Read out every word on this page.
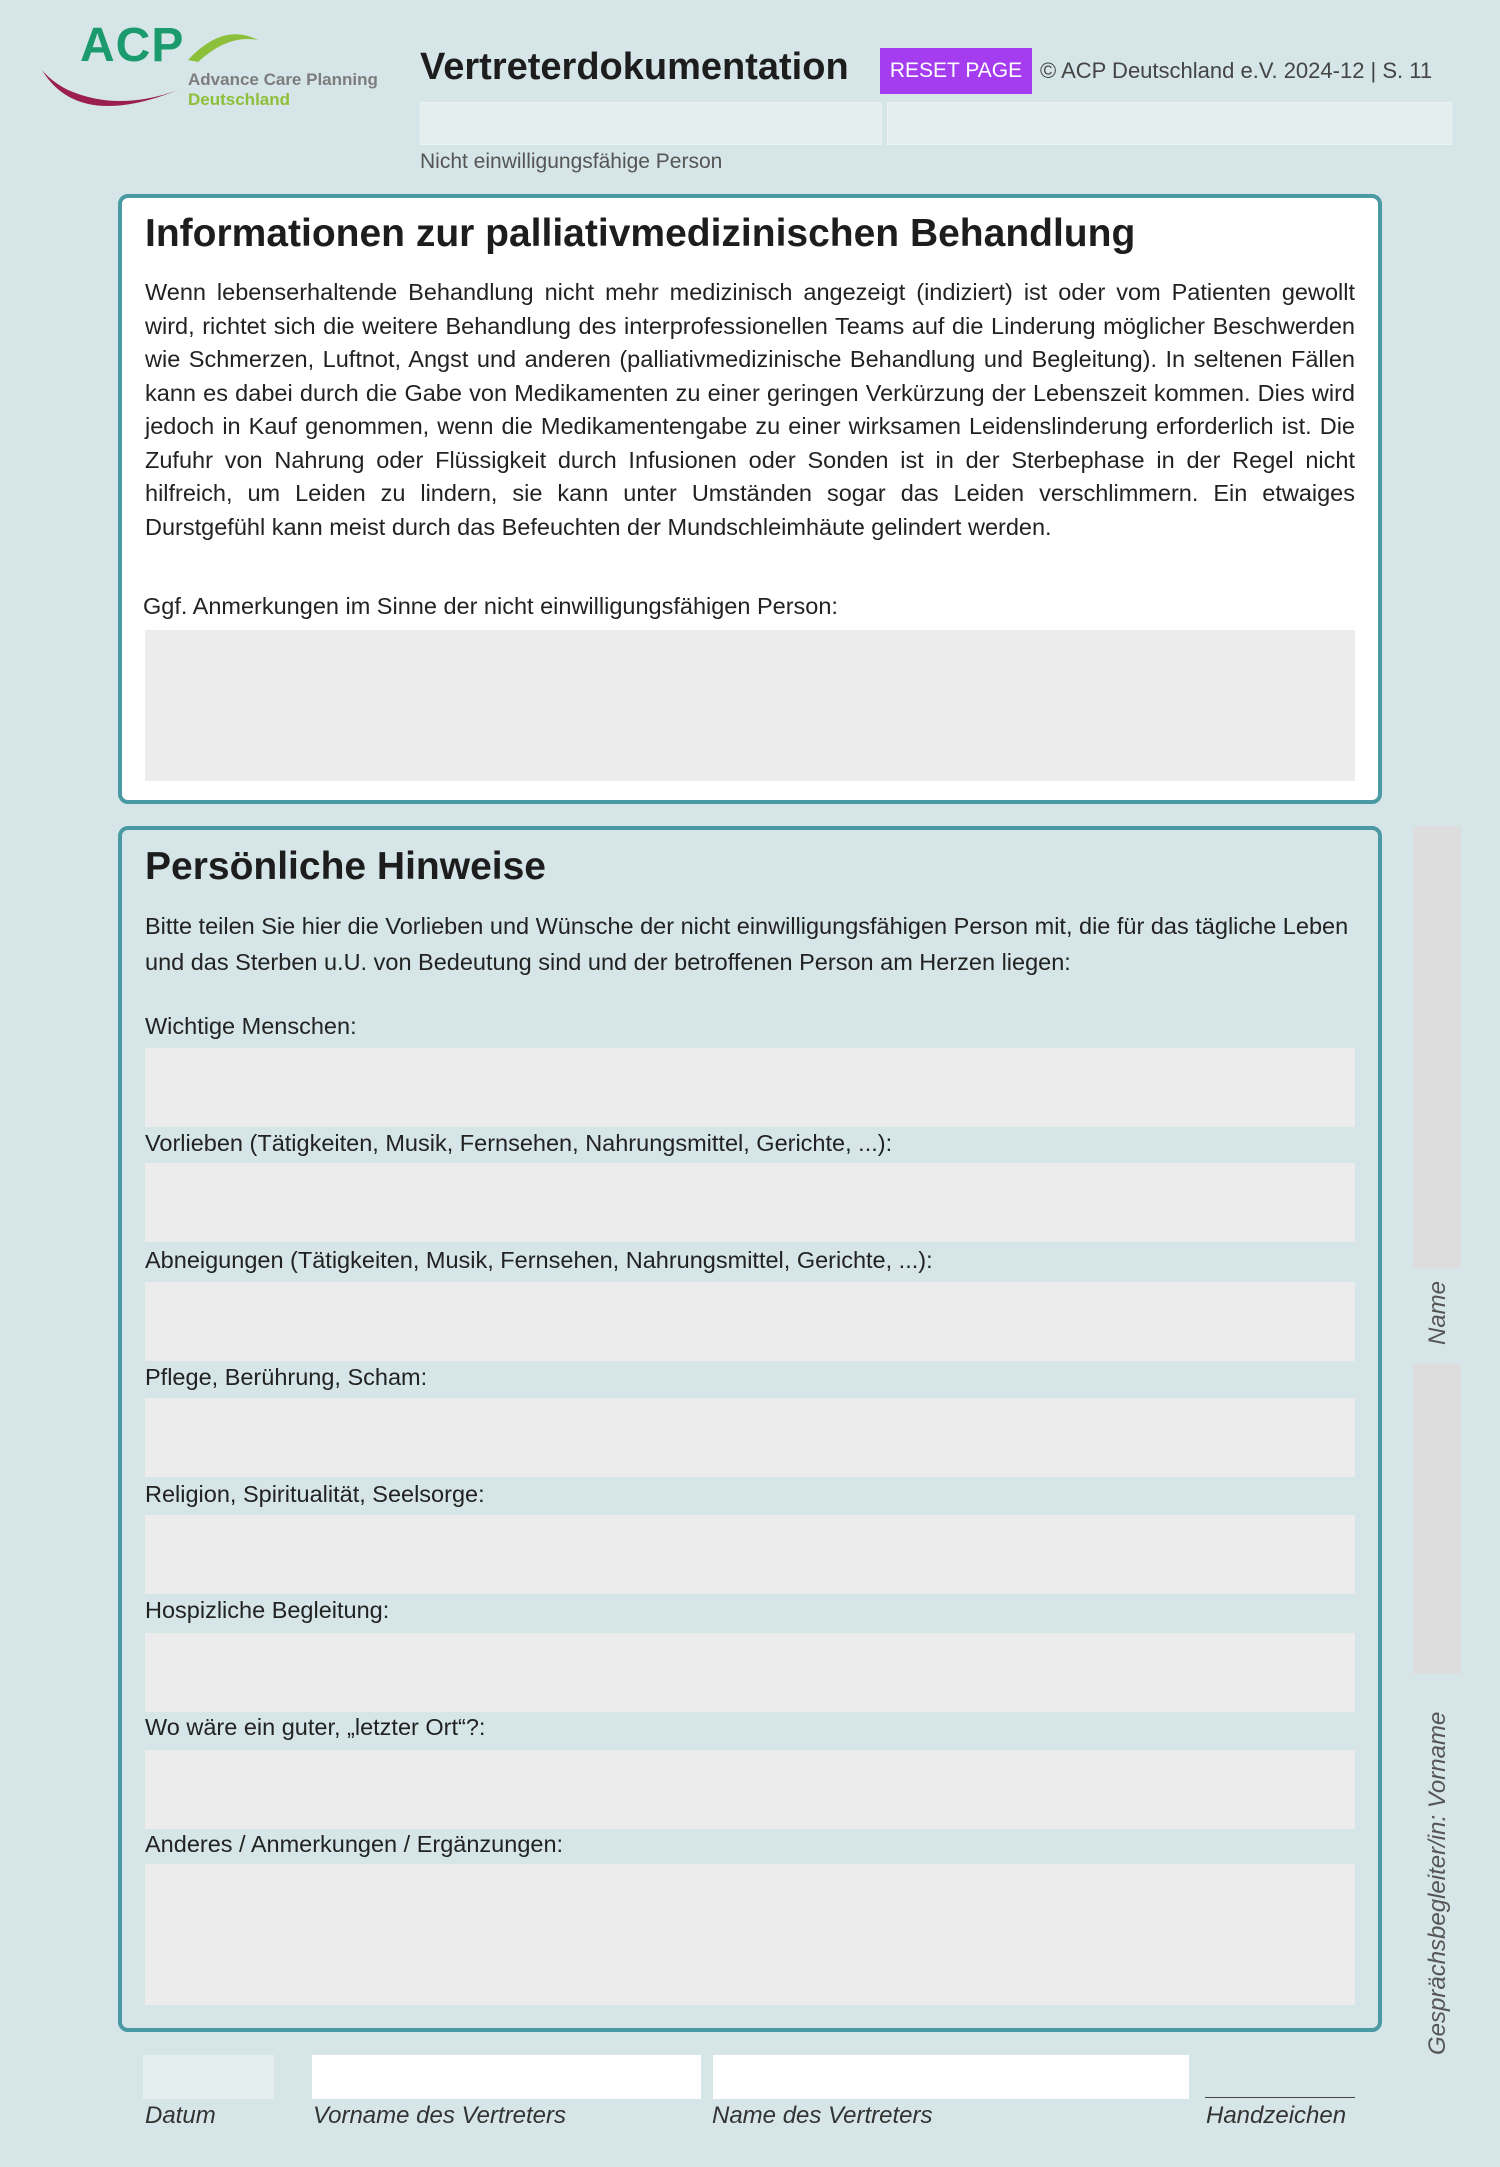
ACP
Advance Care Planning
Deutschland
Vertreterdokumentation	RESET PAGE © ACP Deutschland e.V. 2024-12 | S. 11
Nicht einwilligungsfähige Person
Informationen zur palliativmedizinischen Behandlung
Wenn lebenserhaltende Behandlung nicht mehr medizinisch angezeigt (indiziert) ist oder vom Patienten gewollt wird, richtet sich die weitere Behandlung des interprofessionellen Teams auf die Linderung möglicher Beschwerden wie Schmerzen, Luftnot, Angst und anderen (palliativmedizinische Behandlung und Begleitung). In seltenen Fällen kann es dabei durch die Gabe von Medikamenten zu einer geringen Verkürzung der Lebenszeit kommen. Dies wird jedoch in Kauf genommen, wenn die Medikamentengabe zu einer wirksamen Leidenslinderung erforderlich ist. Die Zufuhr von Nahrung oder Flüssigkeit durch Infusionen oder Sonden ist in der Sterbephase in der Regel nicht hilfreich, um Leiden zu lindern, sie kann unter Umständen sogar das Leiden verschlimmern. Ein etwaiges Durstgefühl kann meist durch das Befeuchten der Mundschleimhäute gelindert werden.
Ggf. Anmerkungen im Sinne der nicht einwilligungsfähigen Person:
Persönliche Hinweise
Bitte teilen Sie hier die Vorlieben und Wünsche der nicht einwilligungsfähigen Person mit, die für das tägliche Leben und das Sterben u.U. von Bedeutung sind und der betroffenen Person am Herzen liegen:
Wichtige Menschen:
Vorlieben (Tätigkeiten, Musik, Fernsehen, Nahrungsmittel, Gerichte, ...):
Abneigungen (Tätigkeiten, Musik, Fernsehen, Nahrungsmittel, Gerichte, ...):
Pflege, Berührung, Scham:
Religion, Spiritualität, Seelsorge:
Hospizliche Begleitung:
Wo wäre ein guter, „letzter Ort“?:
Anderes / Anmerkungen / Ergänzungen:
Name
Gesprächsbegleiter/in: Vorname
Datum	Vorname des Vertreters	Name des Vertreters	Handzeichen
